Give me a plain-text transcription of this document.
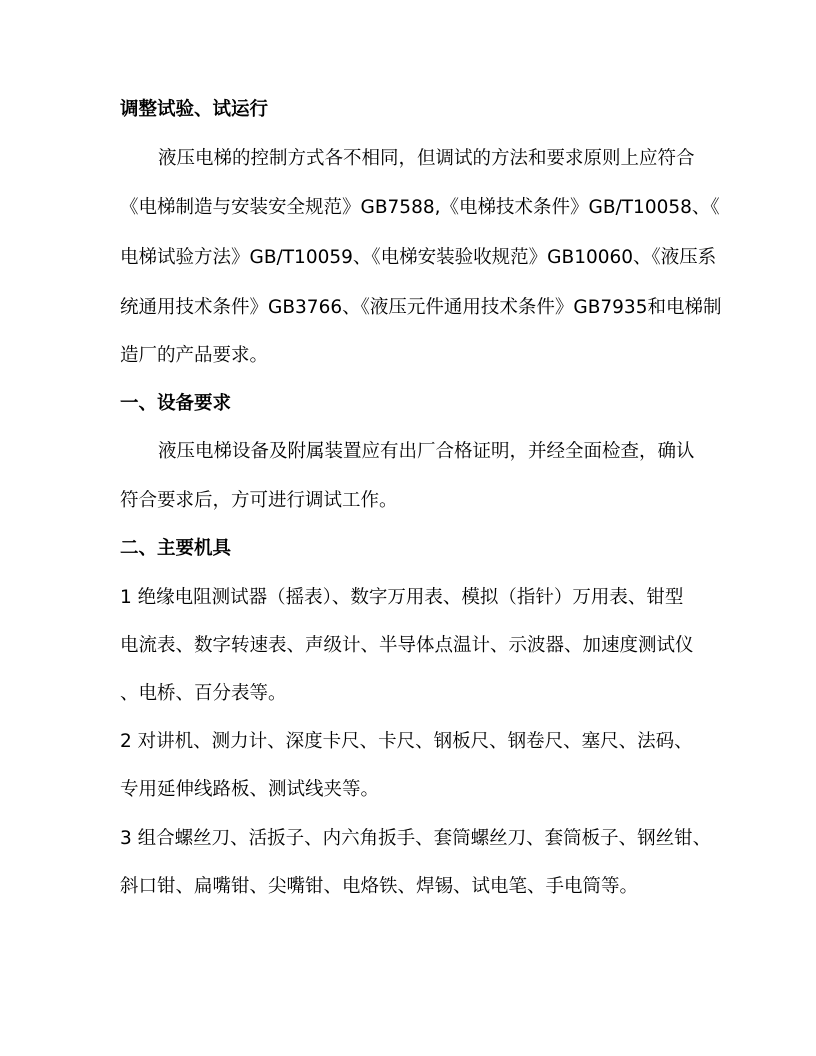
调整试验、试运行
液压电梯的控制方式各不相同，但调试的方法和要求原则上应符合
《电梯制造与安装安全规范》GB7588,《电梯技术条件》GB/T10058、《
电梯试验方法》GB/T10059、《电梯安装验收规范》GB10060、《液压系
统通用技术条件》GB3766、《液压元件通用技术条件》GB7935和电梯制
造厂的产品要求。
一、设备要求
液压电梯设备及附属装置应有出厂合格证明，并经全面检查，确认
符合要求后，方可进行调试工作。
二、主要机具
1 绝缘电阻测试器（摇表）、数字万用表、模拟（指针）万用表、钳型
电流表、数字转速表、声级计、半导体点温计、示波器、加速度测试仪
、电桥、百分表等。
2 对讲机、测力计、深度卡尺、卡尺、钢板尺、钢卷尺、塞尺、法码、
专用延伸线路板、测试线夹等。
3 组合螺丝刀、活扳子、内六角扳手、套筒螺丝刀、套筒板子、钢丝钳、
斜口钳、扁嘴钳、尖嘴钳、电烙铁、焊锡、试电笔、手电筒等。
